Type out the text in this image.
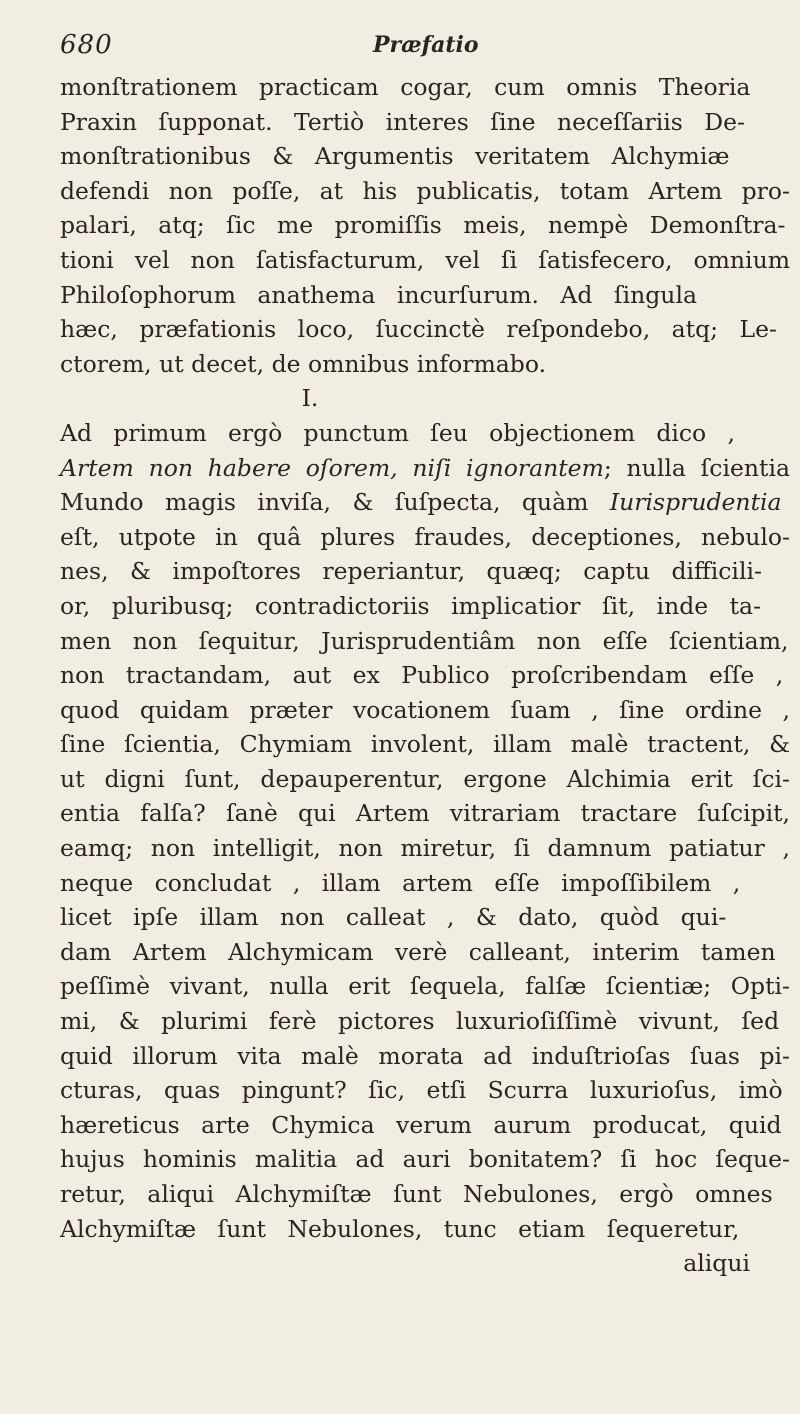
680	Præfatio
monſtrationem practicam cogar, cum omnis Theoria
Praxin ſupponat. Tertiò interes ſine neceſſariis De-
monſtrationibus & Argumentis veritatem Alchymiæ
defendi non poſſe, at his publicatis, totam Artem pro-
palari, atq; ſic me promiſſis meis, nempè Demonſtra-
tioni vel non ſatisfacturum, vel ſi ſatisfecero, omnium
Philoſophorum anathema incurſurum. Ad ſingula
hæc, præfationis loco, ſuccinctè reſpondebo, atq; Le-
ctorem, ut decet, de omnibus informabo.
I.
Ad primum ergò punctum ſeu objectionem dico ,
Artem non habere oſorem, niſi ignorantem; nulla ſcientia
Mundo magis inviſa, & ſuſpecta, quàm Iurisprudentia
eſt, utpote in quâ plures fraudes, deceptiones, nebulo-
nes, & impoſtores reperiantur, quæq; captu difficili-
or, pluribusq; contradictoriis implicatior ſit, inde ta-
men non ſequitur, Jurisprudentiâm non eſſe ſcientiam,
non tractandam, aut ex Publico proſcribendam eſſe ,
quod quidam præter vocationem ſuam , ſine ordine ,
ſine ſcientia, Chymiam involent, illam malè tractent, &
ut digni ſunt, depauperentur, ergone Alchimia erit ſci-
entia falſa? ſanè qui Artem vitrariam tractare ſuſcipit,
eamq; non intelligit, non miretur, ſi damnum patiatur ,
neque concludat , illam artem eſſe impoſſibilem ,
licet ipſe illam non calleat , & dato, quòd qui-
dam Artem Alchymicam verè calleant, interim tamen
peſſimè vivant, nulla erit ſequela, falſæ ſcientiæ; Opti-
mi, & plurimi ferè pictores luxurioſiſſimè vivunt, ſed
quid illorum vita malè morata ad induſtrioſas ſuas pi-
cturas, quas pingunt? ſic, etſi Scurra luxurioſus, imò
hæreticus arte Chymica verum aurum producat, quid
hujus hominis malitia ad auri bonitatem? ſi hoc ſeque-
retur, aliqui Alchymiſtæ ſunt Nebulones, ergò omnes
Alchymiſtæ ſunt Nebulones, tunc etiam ſequeretur,
aliqui
